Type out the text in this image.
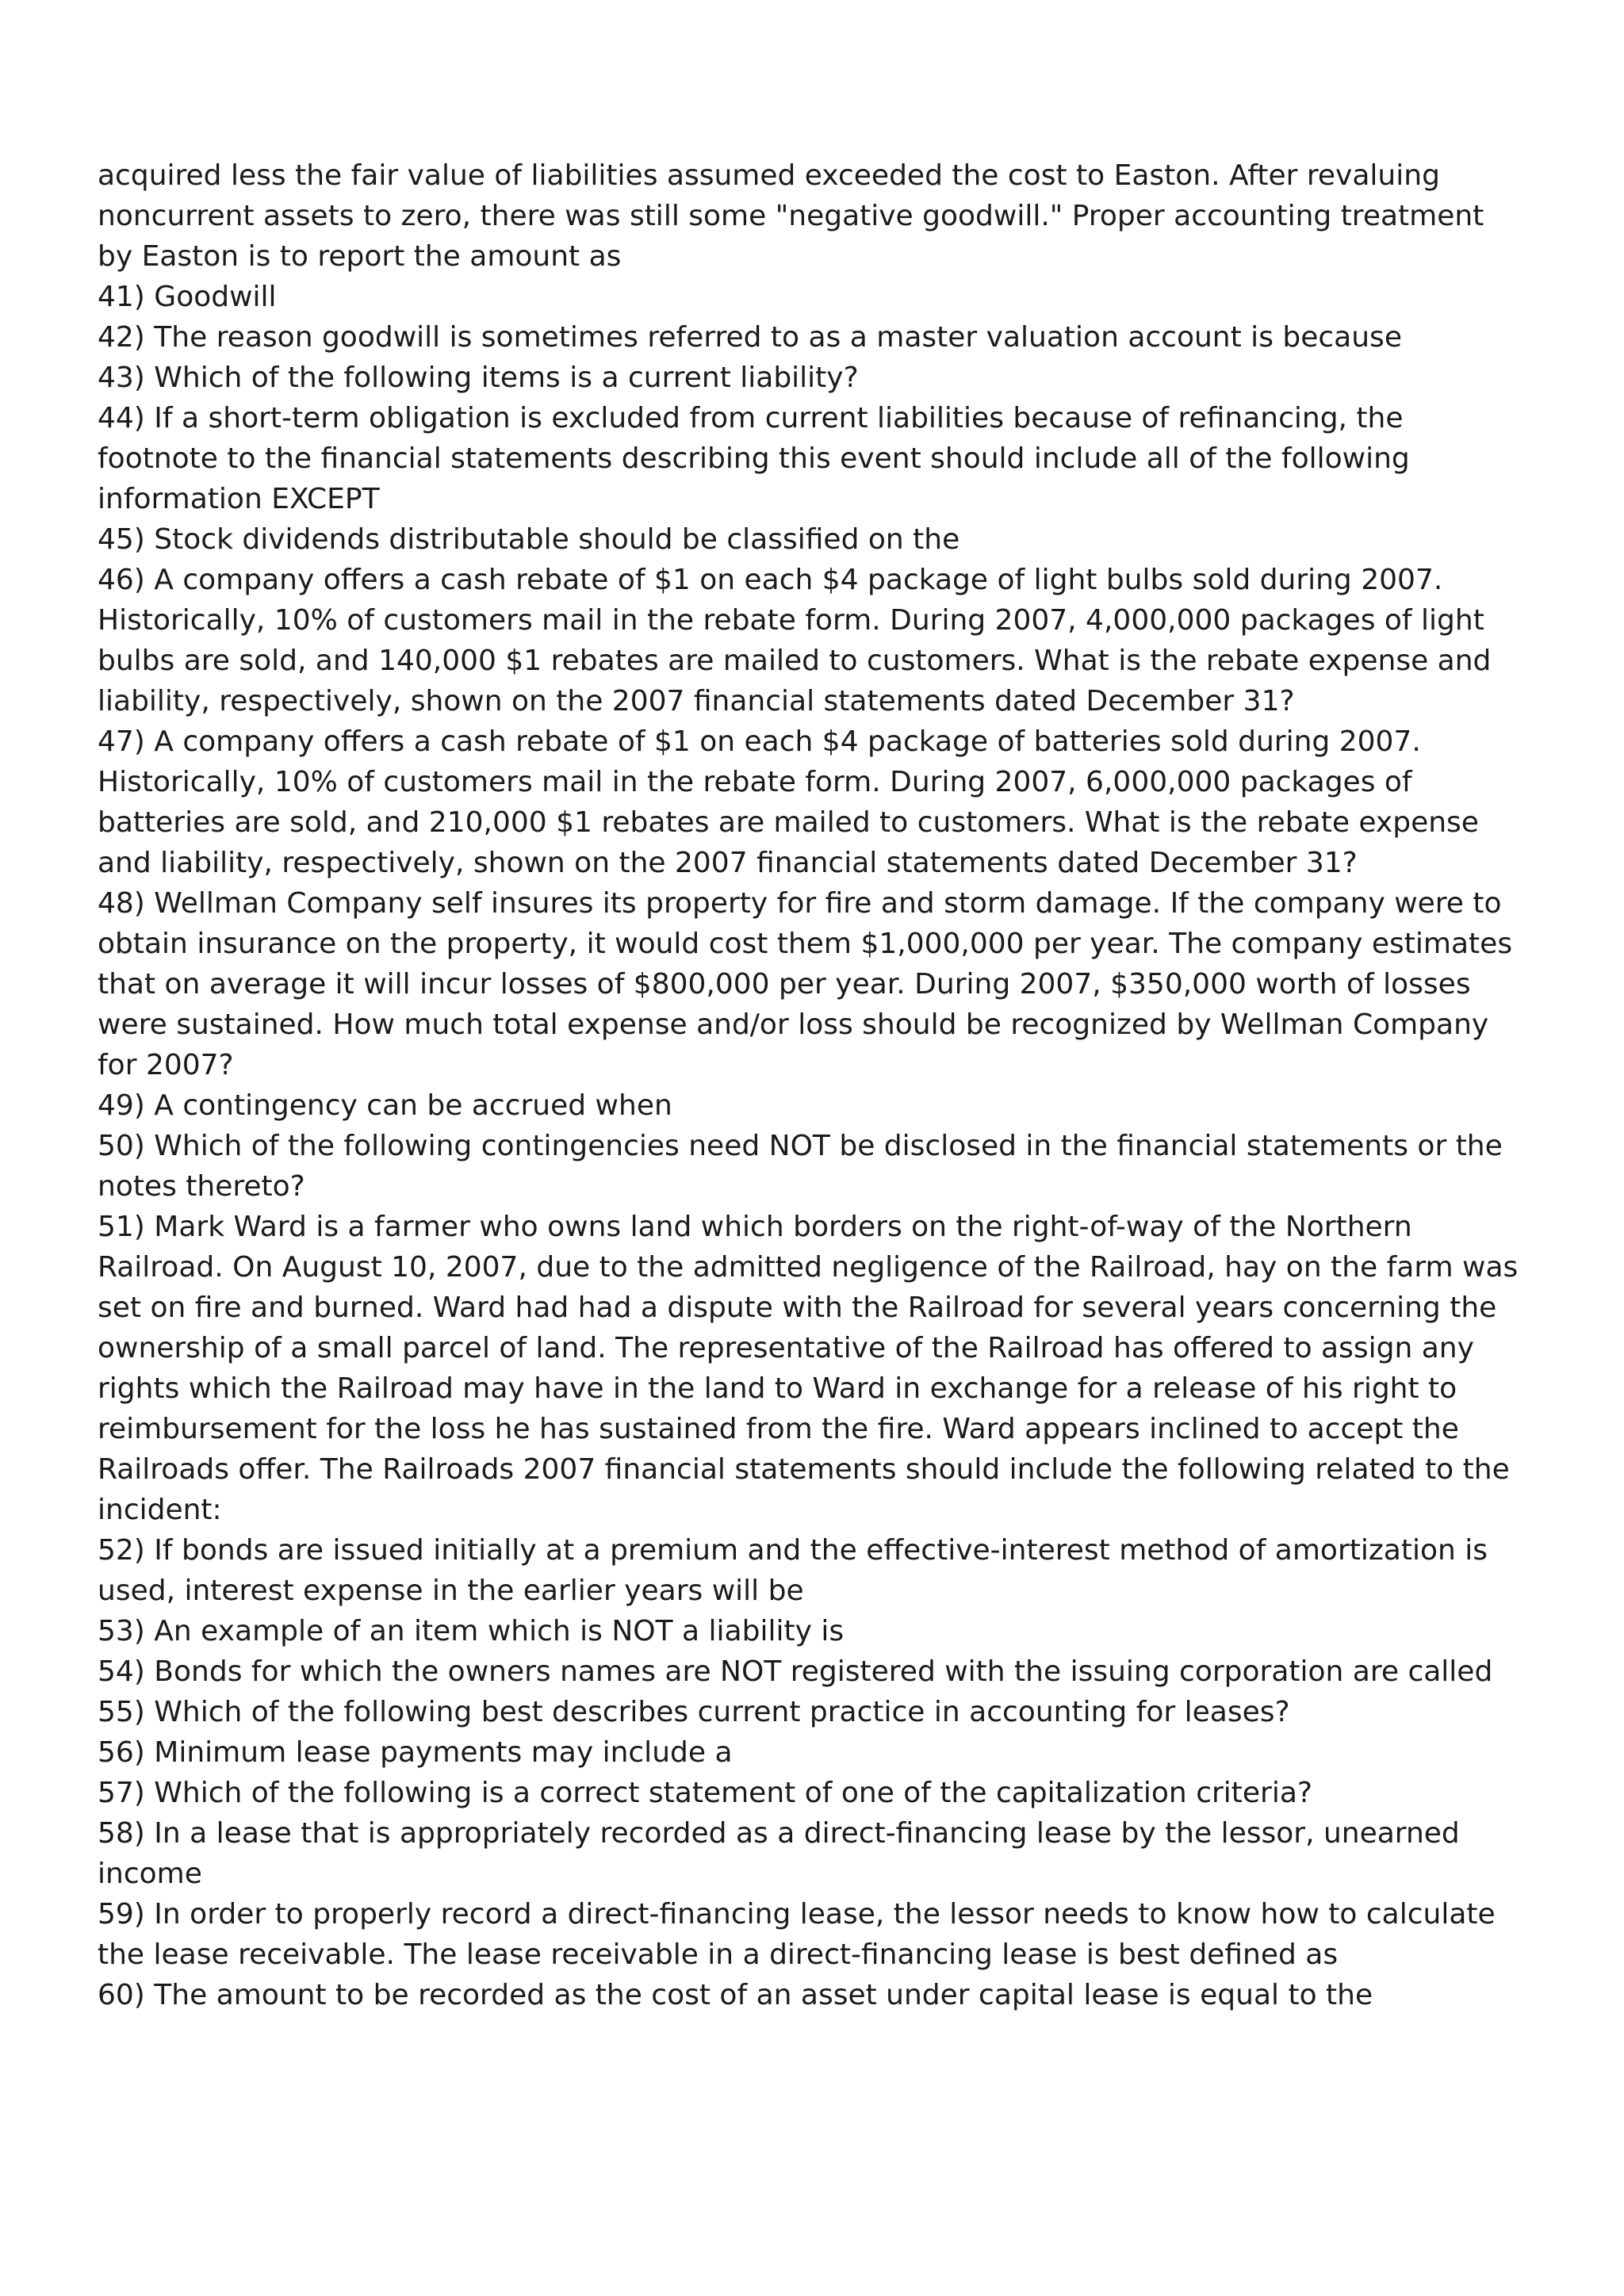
acquired less the fair value of liabilities assumed exceeded the cost to Easton. After revaluing noncurrent assets to zero, there was still some "negative goodwill." Proper accounting treatment by Easton is to report the amount as

41) Goodwill

42) The reason goodwill is sometimes referred to as a master valuation account is because

43) Which of the following items is a current liability?

44) If a short-term obligation is excluded from current liabilities because of refinancing, the footnote to the financial statements describing this event should include all of the following information EXCEPT

45) Stock dividends distributable should be classified on the

46) A company offers a cash rebate of $1 on each $4 package of light bulbs sold during 2007. Historically, 10% of customers mail in the rebate form. During 2007, 4,000,000 packages of light bulbs are sold, and 140,000 $1 rebates are mailed to customers. What is the rebate expense and liability, respectively, shown on the 2007 financial statements dated December 31?

47) A company offers a cash rebate of $1 on each $4 package of batteries sold during 2007. Historically, 10% of customers mail in the rebate form. During 2007, 6,000,000 packages of batteries are sold, and 210,000 $1 rebates are mailed to customers. What is the rebate expense and liability, respectively, shown on the 2007 financial statements dated December 31?

48) Wellman Company self insures its property for fire and storm damage. If the company were to obtain insurance on the property, it would cost them $1,000,000 per year. The company estimates that on average it will incur losses of $800,000 per year. During 2007, $350,000 worth of losses were sustained. How much total expense and/or loss should be recognized by Wellman Company for 2007?

49) A contingency can be accrued when

50) Which of the following contingencies need NOT be disclosed in the financial statements or the notes thereto?

51) Mark Ward is a farmer who owns land which borders on the right-of-way of the Northern Railroad. On August 10, 2007, due to the admitted negligence of the Railroad, hay on the farm was set on fire and burned. Ward had had a dispute with the Railroad for several years concerning the ownership of a small parcel of land. The representative of the Railroad has offered to assign any rights which the Railroad may have in the land to Ward in exchange for a release of his right to reimbursement for the loss he has sustained from the fire. Ward appears inclined to accept the Railroads offer. The Railroads 2007 financial statements should include the following related to the incident:

52) If bonds are issued initially at a premium and the effective-interest method of amortization is used, interest expense in the earlier years will be

53) An example of an item which is NOT a liability is

54) Bonds for which the owners names are NOT registered with the issuing corporation are called

55) Which of the following best describes current practice in accounting for leases?

56) Minimum lease payments may include a

57) Which of the following is a correct statement of one of the capitalization criteria?

58) In a lease that is appropriately recorded as a direct-financing lease by the lessor, unearned income

59) In order to properly record a direct-financing lease, the lessor needs to know how to calculate the lease receivable. The lease receivable in a direct-financing lease is best defined as

60) The amount to be recorded as the cost of an asset under capital lease is equal to the
